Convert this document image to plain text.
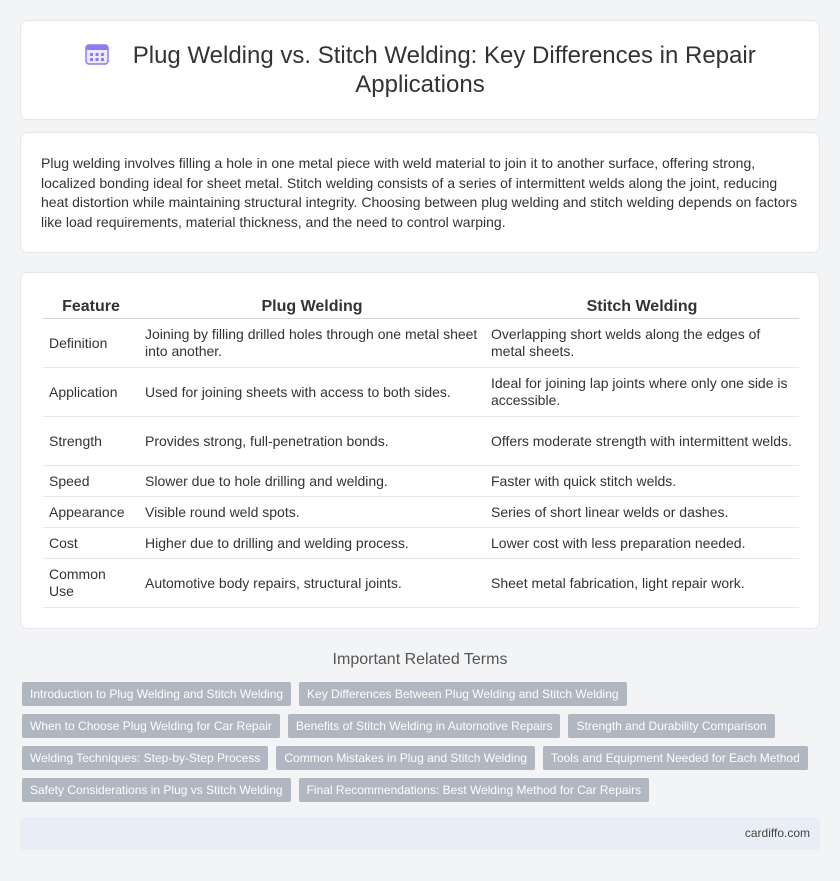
Plug Welding vs. Stitch Welding: Key Differences in Repair Applications

Plug welding involves filling a hole in one metal piece with weld material to join it to another surface, offering strong, localized bonding ideal for sheet metal. Stitch welding consists of a series of intermittent welds along the joint, reducing heat distortion while maintaining structural integrity. Choosing between plug welding and stitch welding depends on factors like load requirements, material thickness, and the need to control warping.

Feature	Plug Welding	Stitch Welding
Definition	Joining by filling drilled holes through one metal sheet into another.	Overlapping short welds along the edges of metal sheets.
Application	Used for joining sheets with access to both sides.	Ideal for joining lap joints where only one side is accessible.
Strength	Provides strong, full-penetration bonds.	Offers moderate strength with intermittent welds.
Speed	Slower due to hole drilling and welding.	Faster with quick stitch welds.
Appearance	Visible round weld spots.	Series of short linear welds or dashes.
Cost	Higher due to drilling and welding process.	Lower cost with less preparation needed.
Common Use	Automotive body repairs, structural joints.	Sheet metal fabrication, light repair work.
Important Related Terms
Introduction to Plug Welding and Stitch Welding	Key Differences Between Plug Welding and Stitch Welding
When to Choose Plug Welding for Car Repair	Benefits of Stitch Welding in Automotive Repairs	Strength and Durability Comparison
Welding Techniques: Step-by-Step Process	Common Mistakes in Plug and Stitch Welding	Tools and Equipment Needed for Each Method
Safety Considerations in Plug vs Stitch Welding	Final Recommendations: Best Welding Method for Car Repairs
cardiffo.com
